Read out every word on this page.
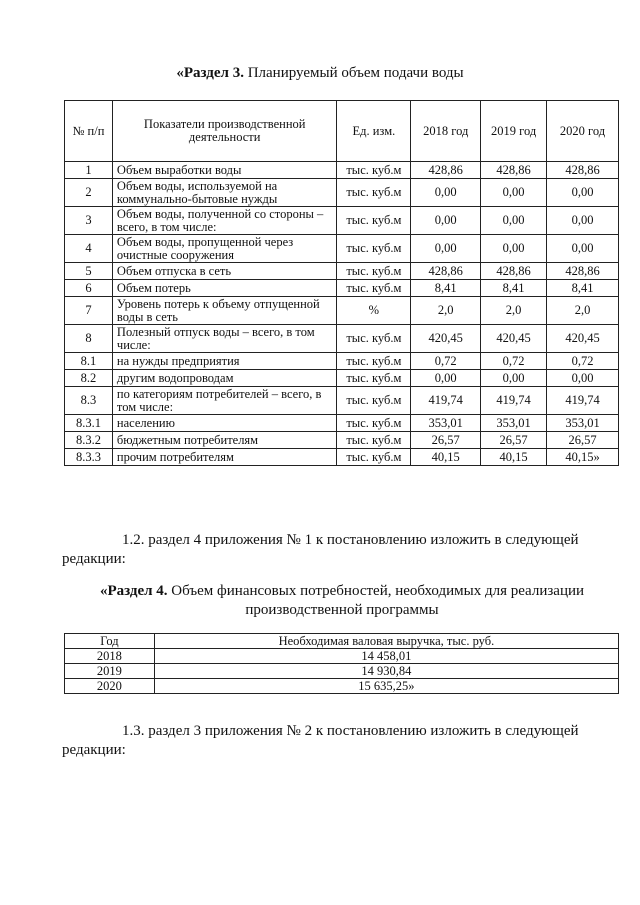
«Раздел 3. Планируемый объем подачи воды
№ п/п	Показатели производственной деятельности	Ед. изм.	2018 год	2019 год	2020 год
1	Объем выработки воды	тыс. куб.м	428,86	428,86	428,86
2	Объем воды, используемой на коммунально-бытовые нужды	тыс. куб.м	0,00	0,00	0,00
3	Объем воды, полученной со стороны – всего, в том числе:	тыс. куб.м	0,00	0,00	0,00
4	Объем воды, пропущенной через очистные сооружения	тыс. куб.м	0,00	0,00	0,00
5	Объем отпуска в сеть	тыс. куб.м	428,86	428,86	428,86
6	Объем потерь	тыс. куб.м	8,41	8,41	8,41
7	Уровень потерь к объему отпущенной воды в сеть	%	2,0	2,0	2,0
8	Полезный отпуск воды – всего, в том числе:	тыс. куб.м	420,45	420,45	420,45
8.1	на нужды предприятия	тыс. куб.м	0,72	0,72	0,72
8.2	другим водопроводам	тыс. куб.м	0,00	0,00	0,00
8.3	по категориям потребителей – всего, в том числе:	тыс. куб.м	419,74	419,74	419,74
8.3.1	населению	тыс. куб.м	353,01	353,01	353,01
8.3.2	бюджетным потребителям	тыс. куб.м	26,57	26,57	26,57
8.3.3	прочим потребителям	тыс. куб.м	40,15	40,15	40,15»
1.2. раздел 4 приложения № 1 к постановлению изложить в следующей редакции:
«Раздел 4. Объем финансовых потребностей, необходимых для реализации производственной программы
Год	Необходимая валовая выручка, тыс. руб.
2018	14 458,01
2019	14 930,84
2020	15 635,25»
1.3. раздел 3 приложения № 2 к постановлению изложить в следующей редакции:
